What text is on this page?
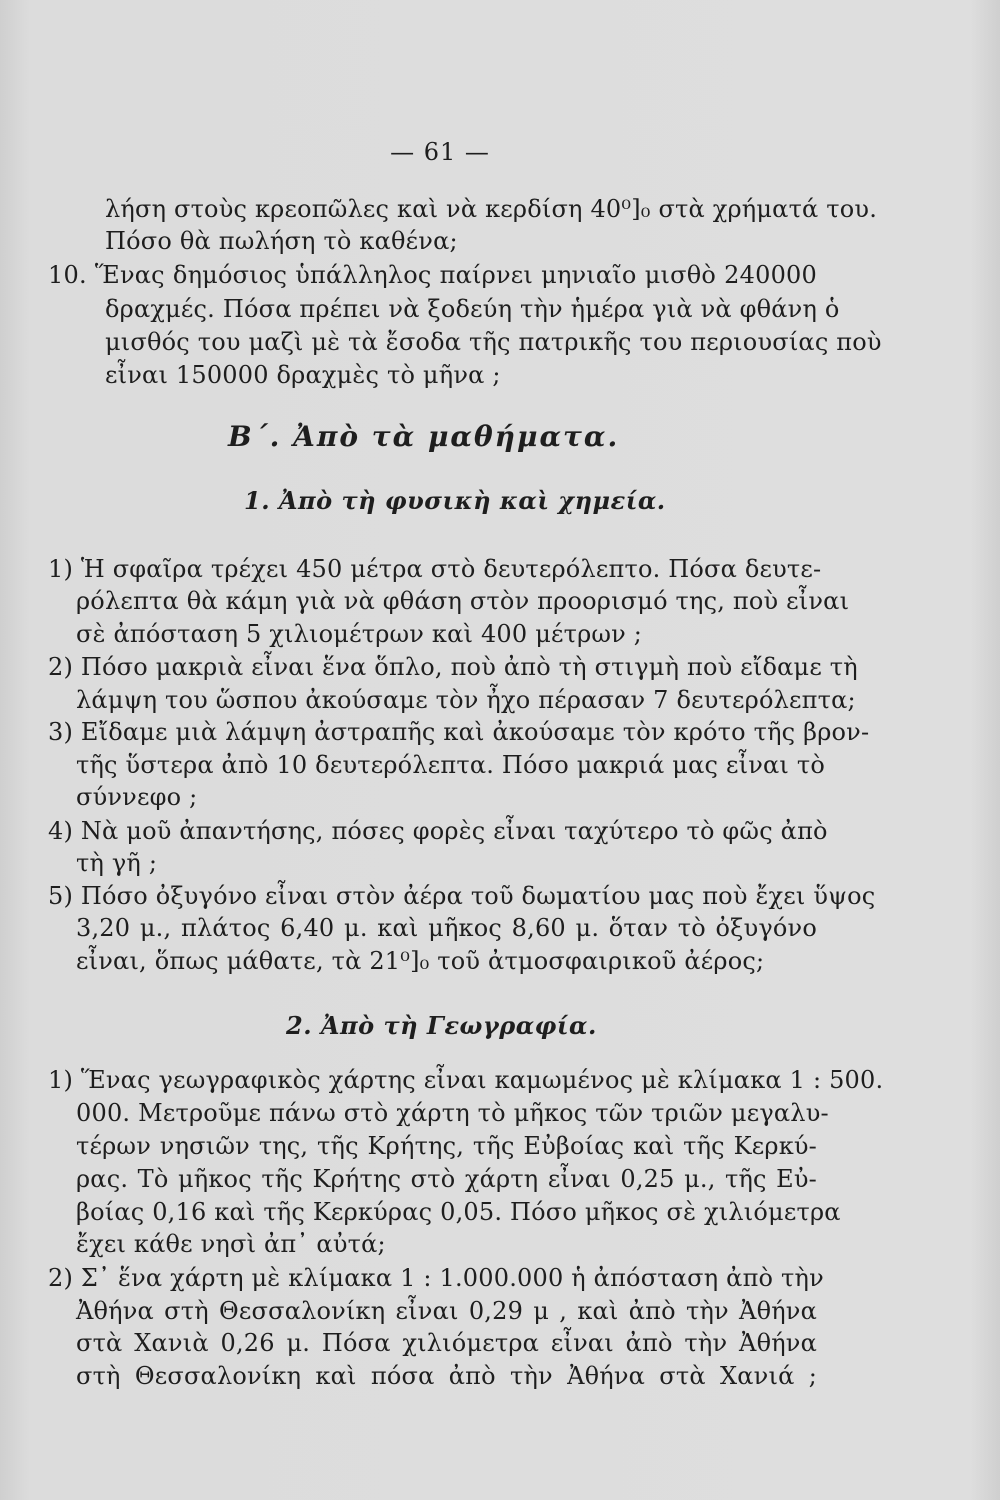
— 61 —
λήση στοὺς κρεοπῶλες καὶ νὰ κερδίση 40⁰]₀ στὰ χρήματά του.
Πόσο θὰ πωλήση τὸ καθένα;
10. Ἕνας δημόσιος ὑπάλληλος παίρνει μηνιαῖο μισθὸ 240000
δραχμές. Πόσα πρέπει νὰ ξοδεύη τὴν ἡμέρα γιὰ νὰ φθάνη ὁ
μισθός του μαζὶ μὲ τὰ ἔσοδα τῆς πατρικῆς του περιουσίας ποὺ
εἶναι 150000 δραχμὲς τὸ μῆνα ;
Β΄. Ἀπὸ τὰ μαθήματα.
1. Ἀπὸ τὴ φυσικὴ καὶ χημεία.
1) Ἡ σφαῖρα τρέχει 450 μέτρα στὸ δευτερόλεπτο. Πόσα δευτε-
ρόλεπτα θὰ κάμη γιὰ νὰ φθάση στὸν προορισμό της, ποὺ εἶναι
σὲ ἀπόσταση 5 χιλιομέτρων καὶ 400 μέτρων ;
2) Πόσο μακριὰ εἶναι ἕνα ὅπλο, ποὺ ἀπὸ τὴ στιγμὴ ποὺ εἴδαμε τὴ
λάμψη του ὥσπου ἀκούσαμε τὸν ἦχο πέρασαν 7 δευτερόλεπτα;
3) Εἴδαμε μιὰ λάμψη ἀστραπῆς καὶ ἀκούσαμε τὸν κρότο τῆς βρον-
τῆς ὕστερα ἀπὸ 10 δευτερόλεπτα. Πόσο μακριά μας εἶναι τὸ
σύννεφο ;
4) Νὰ μοῦ ἀπαντήσης, πόσες φορὲς εἶναι ταχύτερο τὸ φῶς ἀπὸ
τὴ γῆ ;
5) Πόσο ὀξυγόνο εἶναι στὸν ἀέρα τοῦ δωματίου μας ποὺ ἔχει ὕψος
3,20 μ., πλάτος 6,40 μ. καὶ μῆκος 8,60 μ. ὅταν τὸ ὀξυγόνο
εἶναι, ὅπως μάθατε, τὰ 21⁰]₀ τοῦ ἀτμοσφαιρικοῦ ἀέρος;
2. Ἀπὸ τὴ Γεωγραφία.
1) Ἕνας γεωγραφικὸς χάρτης εἶναι καμωμένος μὲ κλίμακα 1 : 500.
000. Μετροῦμε πάνω στὸ χάρτη τὸ μῆκος τῶν τριῶν μεγαλυ-
τέρων νησιῶν της, τῆς Κρήτης, τῆς Εὐβοίας καὶ τῆς Κερκύ-
ρας. Τὸ μῆκος τῆς Κρήτης στὸ χάρτη εἶναι 0,25 μ., τῆς Εὐ-
βοίας 0,16 καὶ τῆς Κερκύρας 0,05. Πόσο μῆκος σὲ χιλιόμετρα
ἔχει κάθε νησὶ ἀπ᾽ αὐτά;
2) Σ᾽ ἕνα χάρτη μὲ κλίμακα 1 : 1.000.000 ἡ ἀπόσταση ἀπὸ τὴν
Ἀθήνα στὴ Θεσσαλονίκη εἶναι 0,29 μ , καὶ ἀπὸ τὴν Ἀθήνα
στὰ Χανιὰ 0,26 μ. Πόσα χιλιόμετρα εἶναι ἀπὸ τὴν Ἀθήνα
στὴ Θεσσαλονίκη καὶ πόσα ἀπὸ τὴν Ἀθήνα στὰ Χανιά ;
